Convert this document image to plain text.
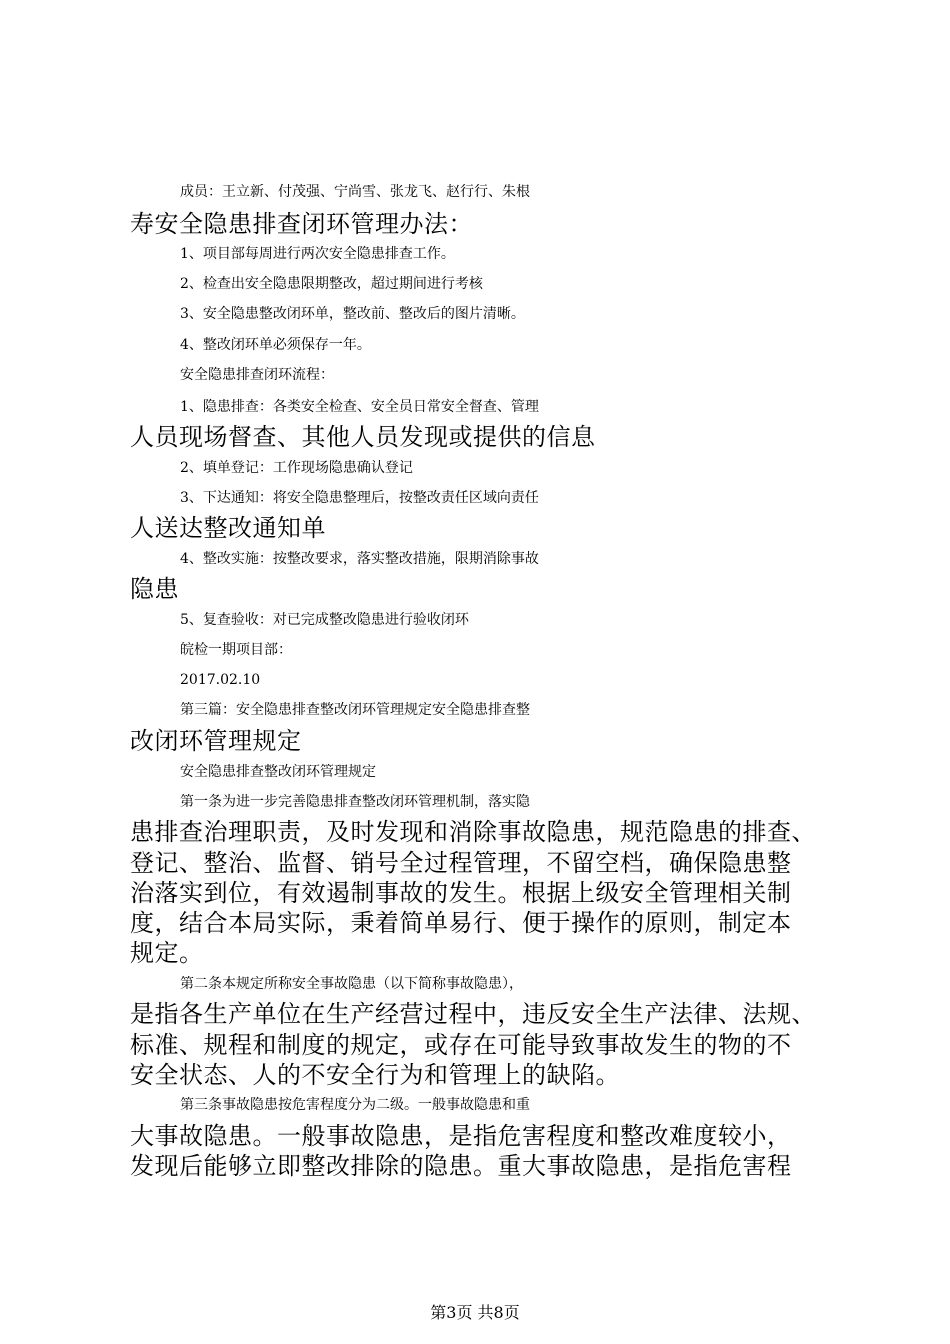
成员：王立新、付茂强、宁尚雪、张龙飞、赵行行、朱根
寿安全隐患排查闭环管理办法：
1、项目部每周进行两次安全隐患排查工作。
2、检查出安全隐患限期整改，超过期间进行考核
3、安全隐患整改闭环单，整改前、整改后的图片清晰。
4、整改闭环单必须保存一年。
安全隐患排查闭环流程：
1、隐患排查：各类安全检查、安全员日常安全督查、管理
人员现场督查、其他人员发现或提供的信息
2、填单登记：工作现场隐患确认登记
3、下达通知：将安全隐患整理后，按整改责任区域向责任
人送达整改通知单
4、整改实施：按整改要求，落实整改措施，限期消除事故
隐患
5、复查验收：对已完成整改隐患进行验收闭环
皖检一期项目部：
2017.02.10
第三篇：安全隐患排查整改闭环管理规定安全隐患排查整
改闭环管理规定
安全隐患排查整改闭环管理规定
第一条为进一步完善隐患排查整改闭环管理机制，落实隐
患排查治理职责，及时发现和消除事故隐患，规范隐患的排查、
登记、整治、监督、销号全过程管理，不留空档，确保隐患整
治落实到位，有效遏制事故的发生。根据上级安全管理相关制
度，结合本局实际，秉着简单易行、便于操作的原则，制定本
规定。
第二条本规定所称安全事故隐患（以下简称事故隐患），
是指各生产单位在生产经营过程中，违反安全生产法律、法规、
标准、规程和制度的规定，或存在可能导致事故发生的物的不
安全状态、人的不安全行为和管理上的缺陷。
第三条事故隐患按危害程度分为二级。一般事故隐患和重
大事故隐患。一般事故隐患，是指危害程度和整改难度较小，
发现后能够立即整改排除的隐患。重大事故隐患，是指危害程
第3页 共8页
